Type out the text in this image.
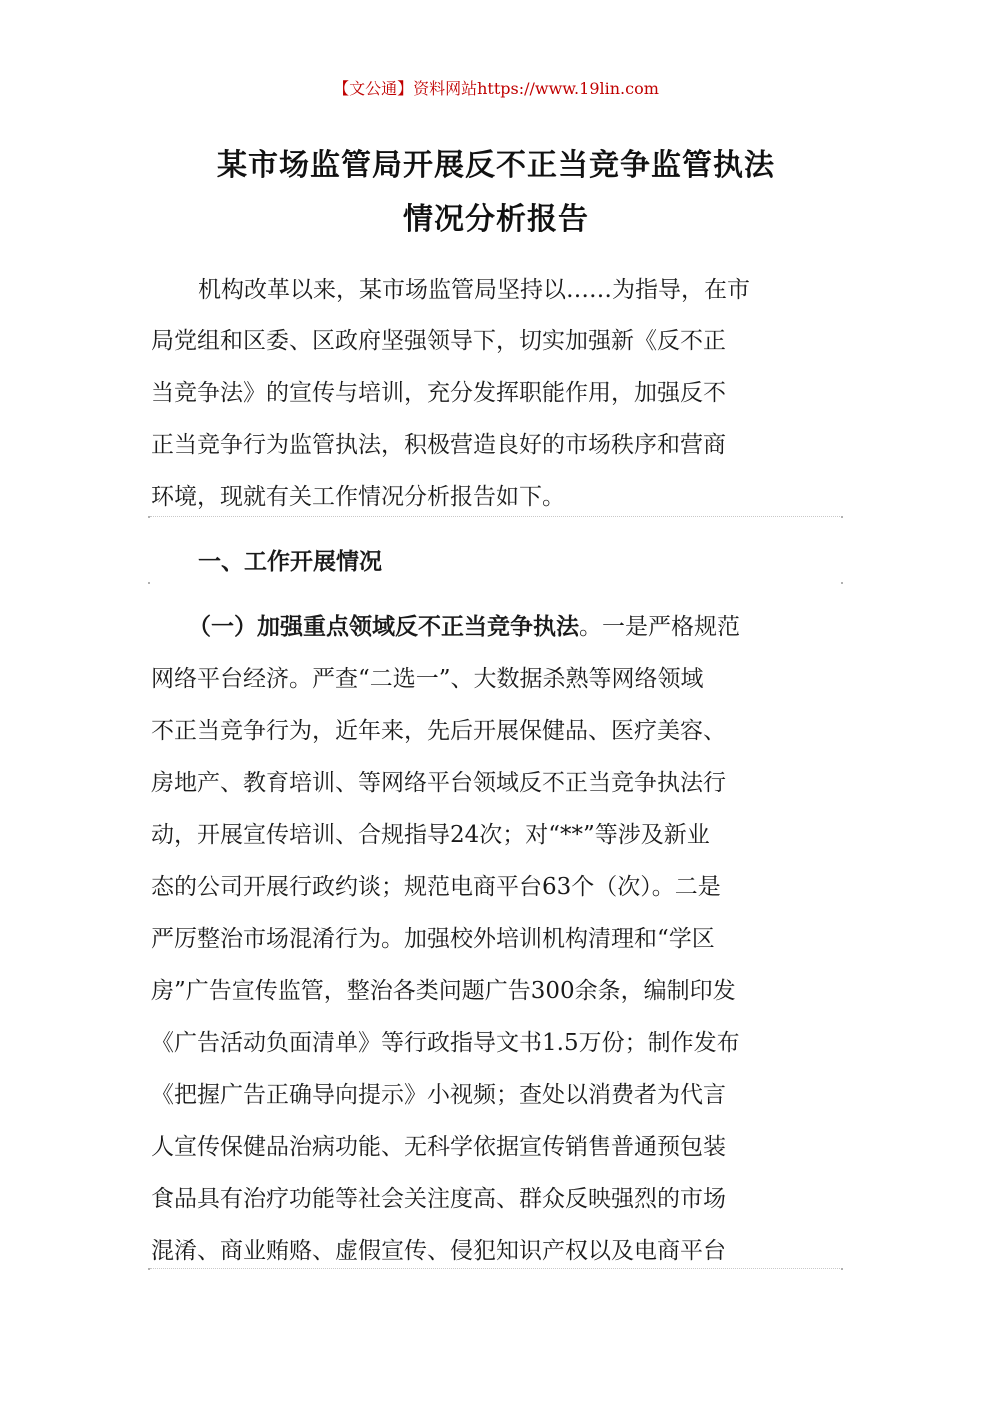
【文公通】资料网站https://www.19lin.com
某市场监管局开展反不正当竞争监管执法
情况分析报告
机构改革以来，某市场监管局坚持以……为指导，在市
局党组和区委、区政府坚强领导下，切实加强新《反不正
当竞争法》的宣传与培训，充分发挥职能作用，加强反不
正当竞争行为监管执法，积极营造良好的市场秩序和营商
环境，现就有关工作情况分析报告如下。
一、工作开展情况
（一）加强重点领域反不正当竞争执法。一是严格规范
网络平台经济。严查“二选一”、大数据杀熟等网络领域
不正当竞争行为，近年来，先后开展保健品、医疗美容、
房地产、教育培训、等网络平台领域反不正当竞争执法行
动，开展宣传培训、合规指导24次；对“**”等涉及新业
态的公司开展行政约谈；规范电商平台63个（次）。二是
严厉整治市场混淆行为。加强校外培训机构清理和“学区
房”广告宣传监管，整治各类问题广告300余条，编制印发
《广告活动负面清单》等行政指导文书1.5万份；制作发布
《把握广告正确导向提示》小视频；查处以消费者为代言
人宣传保健品治病功能、无科学依据宣传销售普通预包装
食品具有治疗功能等社会关注度高、群众反映强烈的市场
混淆、商业贿赂、虚假宣传、侵犯知识产权以及电商平台
